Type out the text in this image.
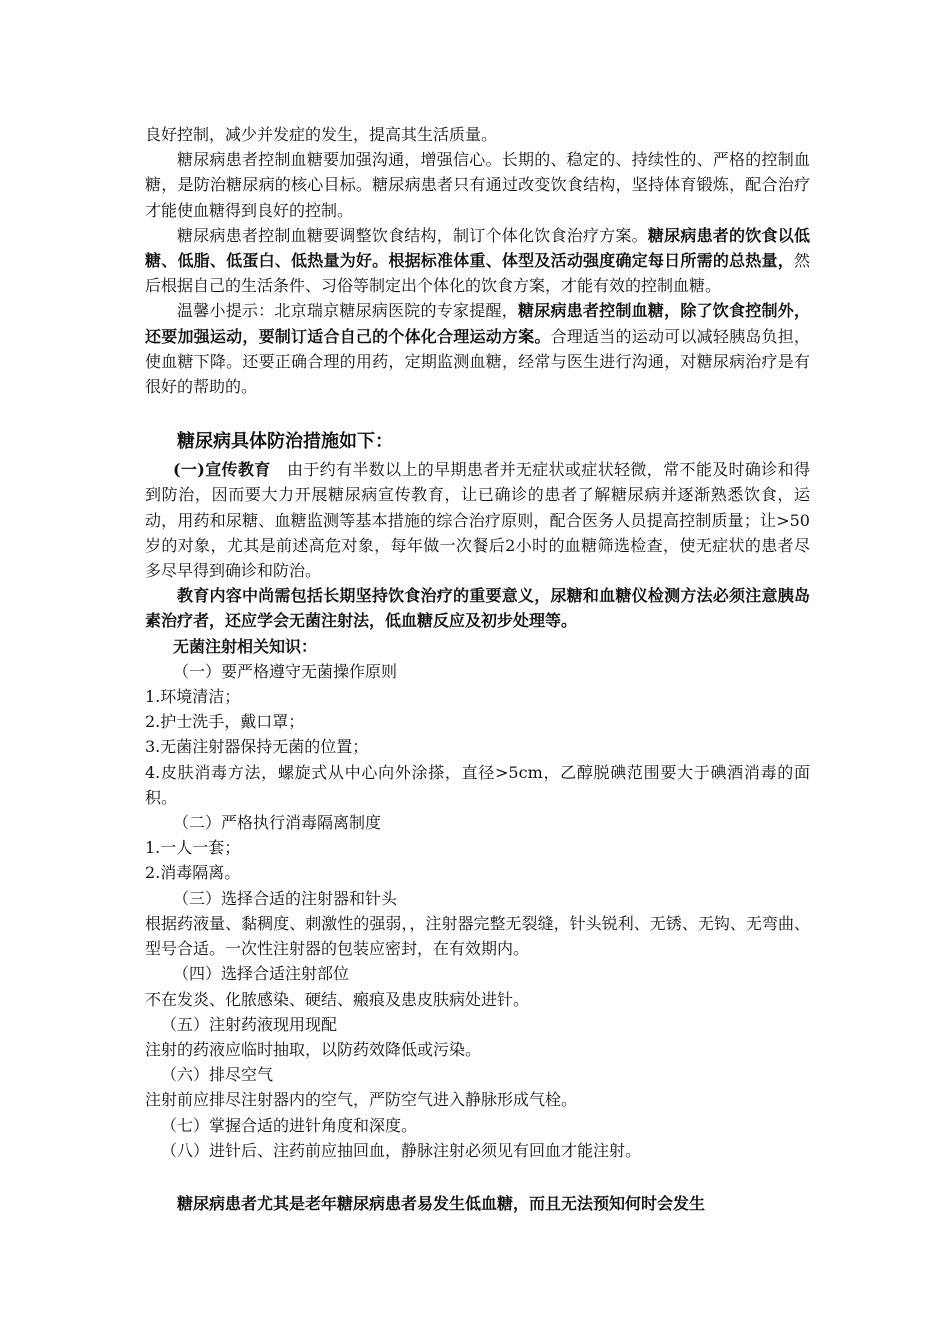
良好控制，减少并发症的发生，提高其生活质量。

糖尿病患者控制血糖要加强沟通，增强信心。长期的、稳定的、持续性的、严格的控制血糖，是防治糖尿病的核心目标。糖尿病患者只有通过改变饮食结构，坚持体育锻炼，配合治疗才能使血糖得到良好的控制。

糖尿病患者控制血糖要调整饮食结构，制订个体化饮食治疗方案。糖尿病患者的饮食以低糖、低脂、低蛋白、低热量为好。根据标准体重、体型及活动强度确定每日所需的总热量，然后根据自己的生活条件、习俗等制定出个体化的饮食方案，才能有效的控制血糖。

温馨小提示：北京瑞京糖尿病医院的专家提醒，糖尿病患者控制血糖，除了饮食控制外，还要加强运动，要制订适合自己的个体化合理运动方案。合理适当的运动可以减轻胰岛负担，使血糖下降。还要正确合理的用药，定期监测血糖，经常与医生进行沟通，对糖尿病治疗是有很好的帮助的。

糖尿病具体防治措施如下：

(一)宣传教育 由于约有半数以上的早期患者并无症状或症状轻微，常不能及时确诊和得到防治，因而要大力开展糖尿病宣传教育，让已确诊的患者了解糖尿病并逐渐熟悉饮食，运动，用药和尿糖、血糖监测等基本措施的综合治疗原则，配合医务人员提高控制质量；让>50岁的对象，尤其是前述高危对象，每年做一次餐后2小时的血糖筛选检查，使无症状的患者尽多尽早得到确诊和防治。

教育内容中尚需包括长期坚持饮食治疗的重要意义，尿糖和血糖仪检测方法必须注意胰岛素治疗者，还应学会无菌注射法，低血糖反应及初步处理等。

无菌注射相关知识：

（一）要严格遵守无菌操作原则

1.环境清洁；

2.护士洗手，戴口罩；

3.无菌注射器保持无菌的位置；

4.皮肤消毒方法，螺旋式从中心向外涂搽，直径>5cm，乙醇脱碘范围要大于碘酒消毒的面积。

（二）严格执行消毒隔离制度

1.一人一套；

2.消毒隔离。

（三）选择合适的注射器和针头

根据药液量、黏稠度、刺激性的强弱，，注射器完整无裂缝，针头锐利、无锈、无钩、无弯曲、型号合适。一次性注射器的包装应密封，在有效期内。

（四）选择合适注射部位

不在发炎、化脓感染、硬结、瘢痕及患皮肤病处进针。

（五）注射药液现用现配

注射的药液应临时抽取，以防药效降低或污染。

（六）排尽空气

注射前应排尽注射器内的空气，严防空气进入静脉形成气栓。

（七）掌握合适的进针角度和深度。

（八）进针后、注药前应抽回血，静脉注射必须见有回血才能注射。

糖尿病患者尤其是老年糖尿病患者易发生低血糖，而且无法预知何时会发生
